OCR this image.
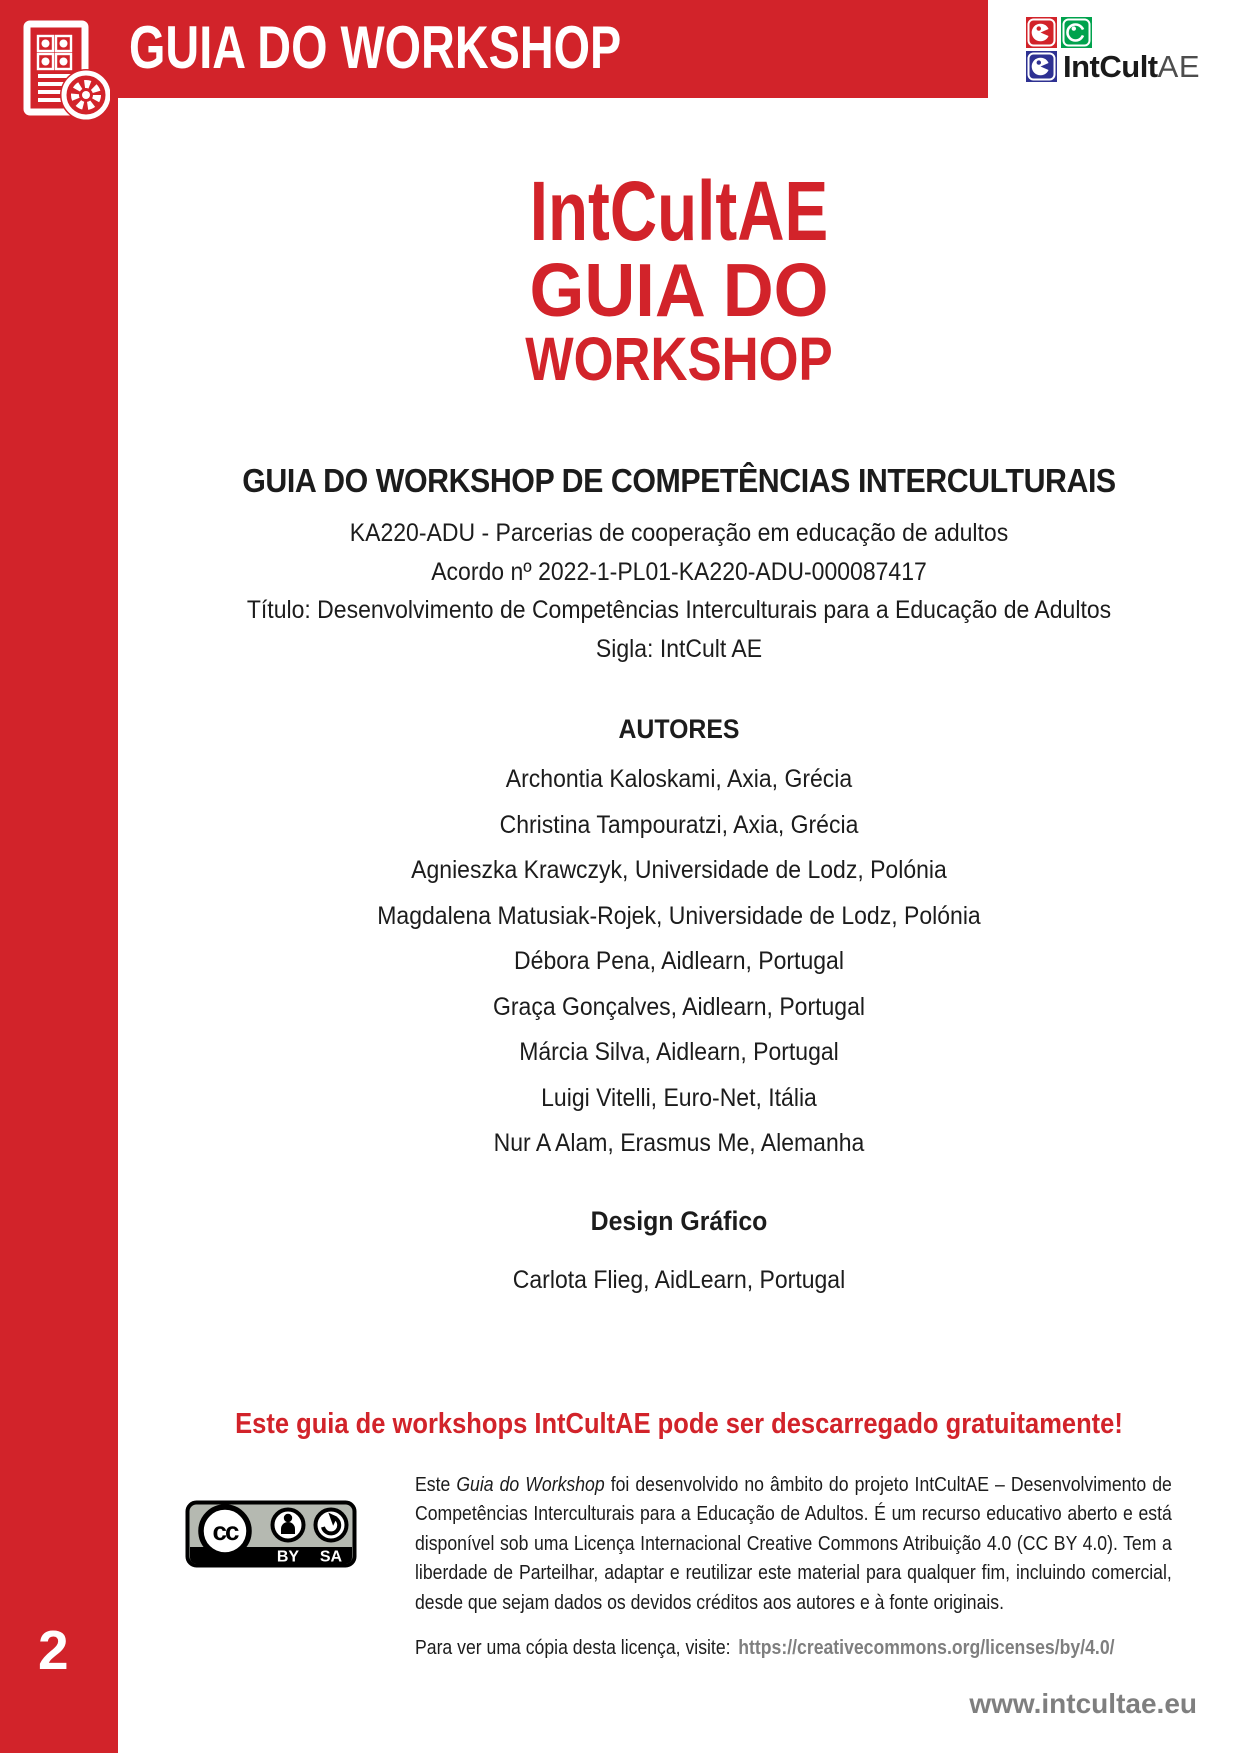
GUIA DO WORKSHOP	IntCultAE
IntCultAE
GUIA DO
WORKSHOP
GUIA DO WORKSHOP DE COMPETÊNCIAS INTERCULTURAIS
KA220-ADU - Parcerias de cooperação em educação de adultos
Acordo nº 2022-1-PL01-KA220-ADU-000087417
Título: Desenvolvimento de Competências Interculturais para a Educação de Adultos
Sigla: IntCult AE
AUTORES
Archontia Kaloskami, Axia, Grécia
Christina Tampouratzi, Axia, Grécia
Agnieszka Krawczyk, Universidade de Lodz, Polónia
Magdalena Matusiak-Rojek, Universidade de Lodz, Polónia
Débora Pena, Aidlearn, Portugal
Graça Gonçalves, Aidlearn, Portugal
Márcia Silva, Aidlearn, Portugal
Luigi Vitelli, Euro-Net, Itália
Nur A Alam, Erasmus Me, Alemanha
Design Gráfico
Carlota Flieg, AidLearn, Portugal
Este guia de workshops IntCultAE pode ser descarregado gratuitamente!
cc
BY SA

Este Guia do Workshop foi desenvolvido no âmbito do projeto IntCultAE – Desenvolvimento de Competências Interculturais para a Educação de Adultos. É um recurso educativo aberto e está disponível sob uma Licença Internacional Creative Commons Atribuição 4.0 (CC BY 4.0). Tem a liberdade de Parteilhar, adaptar e reutilizar este material para qualquer fim, incluindo comercial, desde que sejam dados os devidos créditos aos autores e à fonte originais.

Para ver uma cópia desta licença, visite: https://creativecommons.org/licenses/by/4.0/
2
www.intcultae.eu
